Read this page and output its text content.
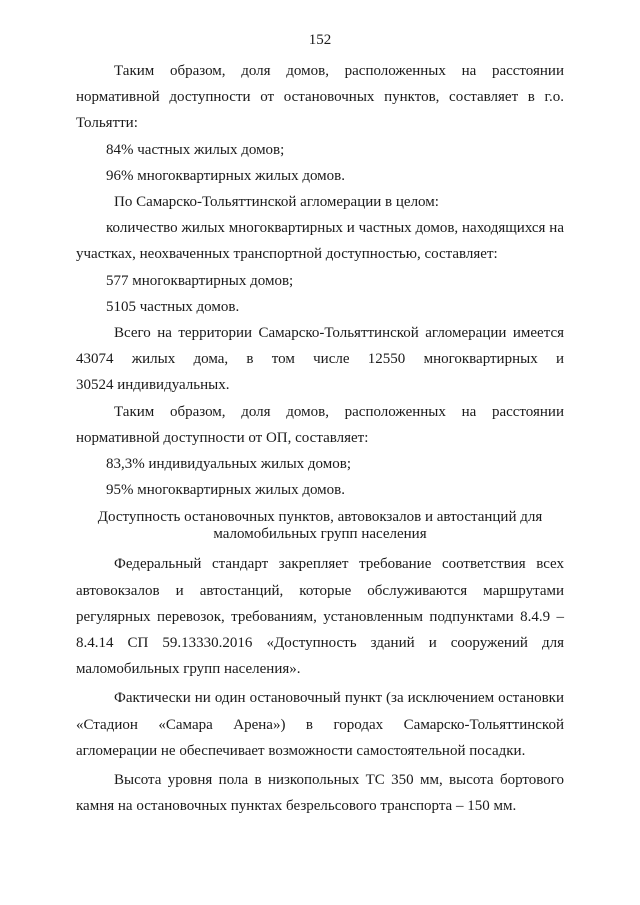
152

Таким образом, доля домов, расположенных на расстоянии нормативной доступности от остановочных пунктов, составляет в г.о. Тольятти:

84% частных жилых домов;

96% многоквартирных жилых домов.

По Самарско-Тольяттинской агломерации в целом:

количество жилых многоквартирных и частных домов, находящихся на участках, неохваченных транспортной доступностью, составляет:

577 многоквартирных домов;

5105 частных домов.

Всего на территории Самарско-Тольяттинской агломерации имеется

43074 жилых дома, в том числе 12550 многоквартирных и

30524 индивидуальных.

Таким образом, доля домов, расположенных на расстоянии нормативной доступности от ОП, составляет:

83,3% индивидуальных жилых домов;

95% многоквартирных жилых домов.

Доступность остановочных пунктов, автовокзалов и автостанций для
маломобильных групп населения

Федеральный стандарт закрепляет требование соответствия всех автовокзалов и автостанций, которые обслуживаются маршрутами регулярных перевозок, требованиям, установленным подпунктами 8.4.9 – 8.4.14 СП 59.13330.2016 «Доступность зданий и сооружений для маломобильных групп населения».

Фактически ни один остановочный пункт (за исключением остановки «Стадион «Самара Арена») в городах Самарско-Тольяттинской агломерации не обеспечивает возможности самостоятельной посадки.

Высота уровня пола в низкопольных ТС 350 мм, высота бортового камня на остановочных пунктах безрельсового транспорта – 150 мм.
